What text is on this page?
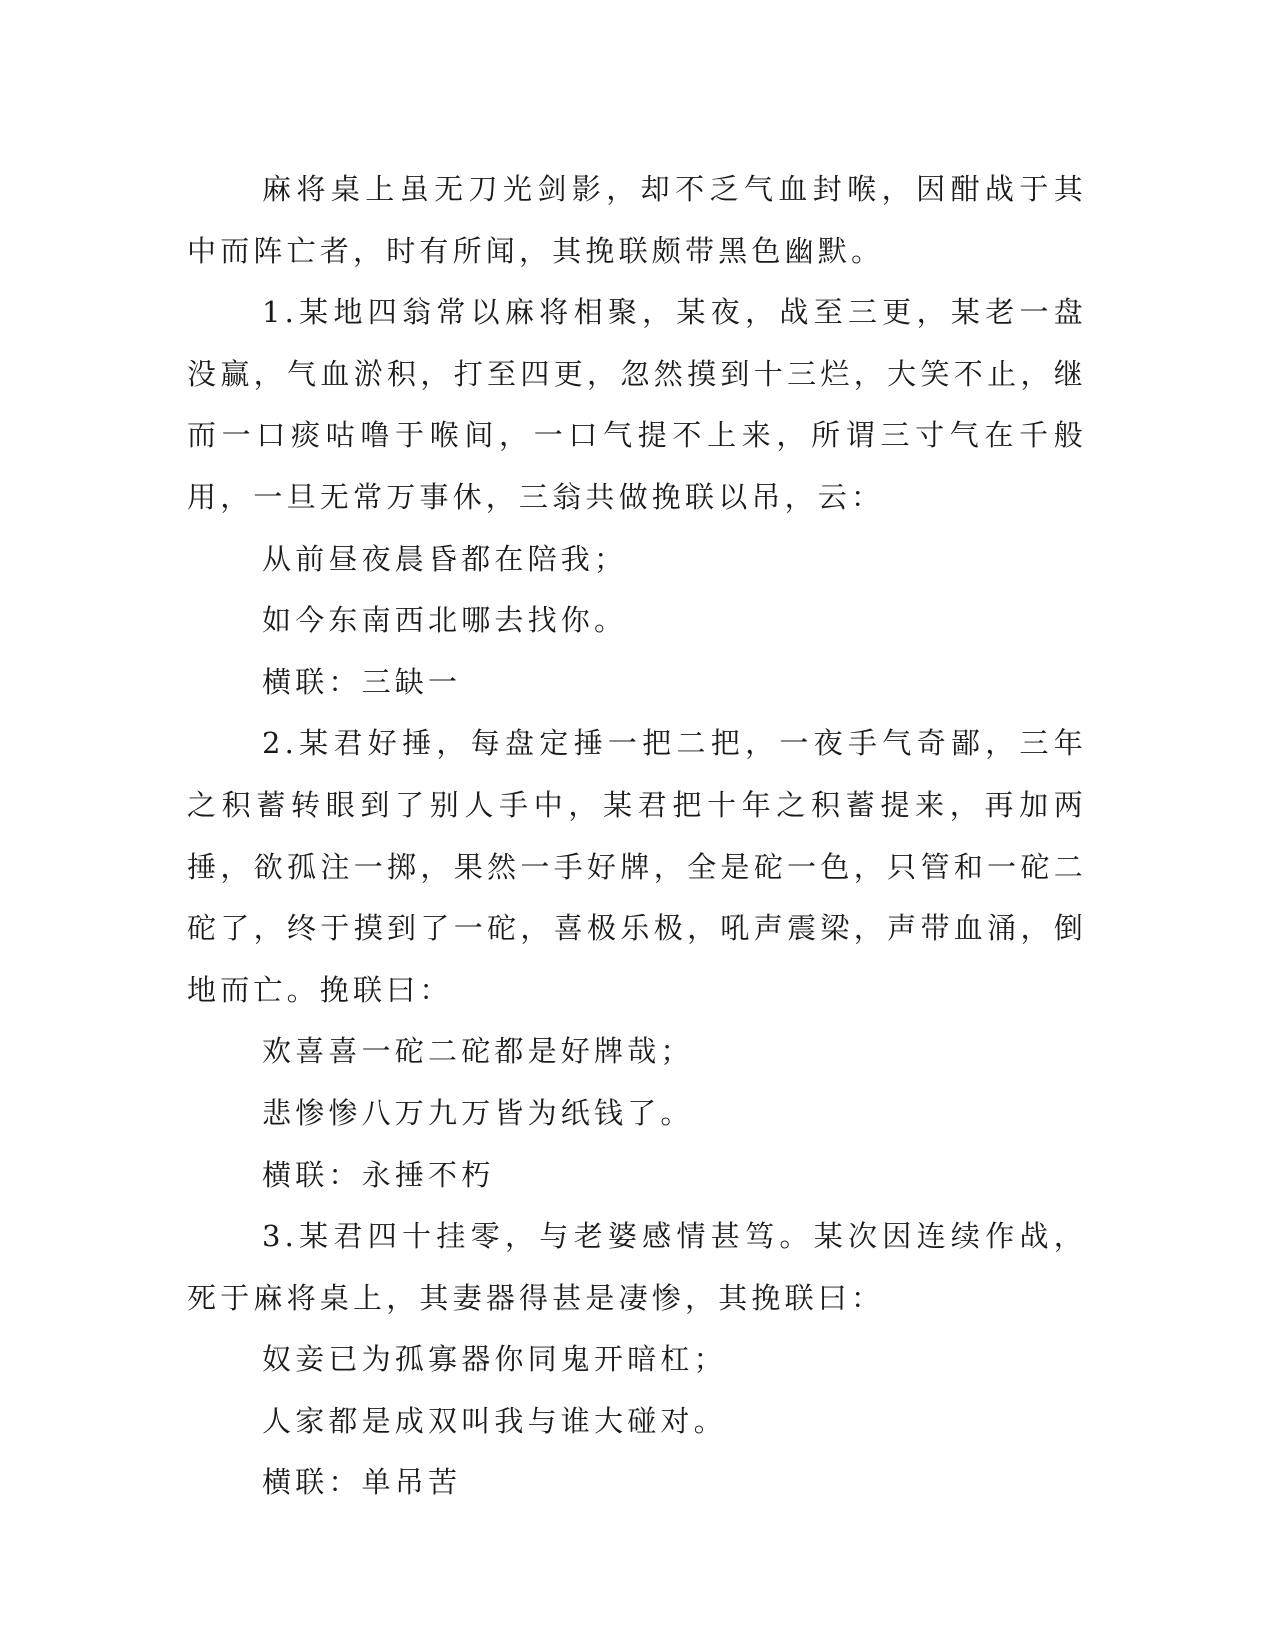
麻将桌上虽无刀光剑影，却不乏气血封喉，因酣战于其中而阵亡者，时有所闻，其挽联颇带黑色幽默。

1.某地四翁常以麻将相聚，某夜，战至三更，某老一盘没赢，气血淤积，打至四更，忽然摸到十三烂，大笑不止，继而一口痰咕噜于喉间，一口气提不上来，所谓三寸气在千般用，一旦无常万事休，三翁共做挽联以吊，云：

从前昼夜晨昏都在陪我；

如今东南西北哪去找你。

横联：三缺一

2.某君好捶，每盘定捶一把二把，一夜手气奇鄙，三年之积蓄转眼到了别人手中，某君把十年之积蓄提来，再加两捶，欲孤注一掷，果然一手好牌，全是砣一色，只管和一砣二砣了，终于摸到了一砣，喜极乐极，吼声震梁，声带血涌，倒地而亡。挽联曰：

欢喜喜一砣二砣都是好牌哉；

悲惨惨八万九万皆为纸钱了。

横联：永捶不朽

3.某君四十挂零，与老婆感情甚笃。某次因连续作战，死于麻将桌上，其妻器得甚是凄惨，其挽联曰：

奴妾已为孤寡器你同鬼开暗杠；

人家都是成双叫我与谁大碰对。

横联：单吊苦
